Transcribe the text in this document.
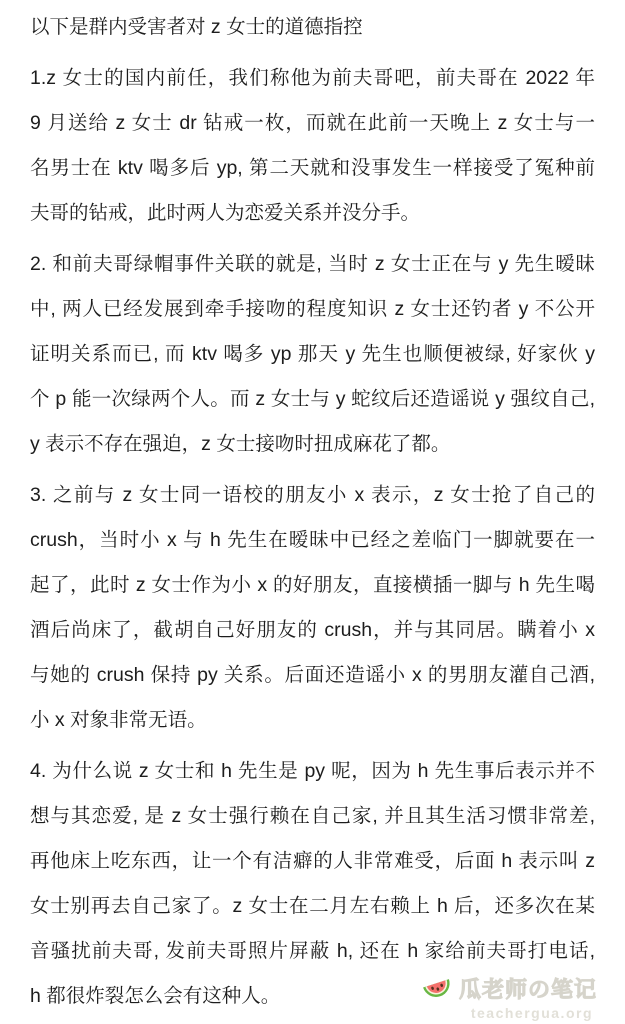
以下是群内受害者对 z 女士的道德指控
1.z 女士的国内前任，我们称他为前夫哥吧，前夫哥在 2022 年
9 月送给 z 女士 dr 钻戒一枚，而就在此前一天晚上 z 女士与一
名男士在 ktv 喝多后 yp, 第二天就和没事发生一样接受了冤种前
夫哥的钻戒，此时两人为恋爱关系并没分手。
2. 和前夫哥绿帽事件关联的就是, 当时 z 女士正在与 y 先生暧昧
中, 两人已经发展到牵手接吻的程度知识 z 女士还钓者 y 不公开
证明关系而已, 而 ktv 喝多 yp 那天 y 先生也顺便被绿, 好家伙 y
个 p 能一次绿两个人。而 z 女士与 y 蛇纹后还造谣说 y 强纹自己,
y 表示不存在强迫，z 女士接吻时扭成麻花了都。
3. 之前与 z 女士同一语校的朋友小 x 表示，z 女士抢了自己的
crush，当时小 x 与 h 先生在暧昧中已经之差临门一脚就要在一
起了，此时 z 女士作为小 x 的好朋友，直接横插一脚与 h 先生喝
酒后尚床了，截胡自己好朋友的 crush，并与其同居。瞒着小 x
与她的 crush 保持 py 关系。后面还造谣小 x 的男朋友灌自己酒,
小 x 对象非常无语。
4. 为什么说 z 女士和 h 先生是 py 呢，因为 h 先生事后表示并不
想与其恋爱, 是 z 女士强行赖在自己家, 并且其生活习惯非常差,
再他床上吃东西，让一个有洁癖的人非常难受，后面 h 表示叫 z
女士别再去自己家了。z 女士在二月左右赖上 h 后，还多次在某
音骚扰前夫哥, 发前夫哥照片屏蔽 h, 还在 h 家给前夫哥打电话,
h 都很炸裂怎么会有这种人。	瓜老师の笔记
teachergua.org
